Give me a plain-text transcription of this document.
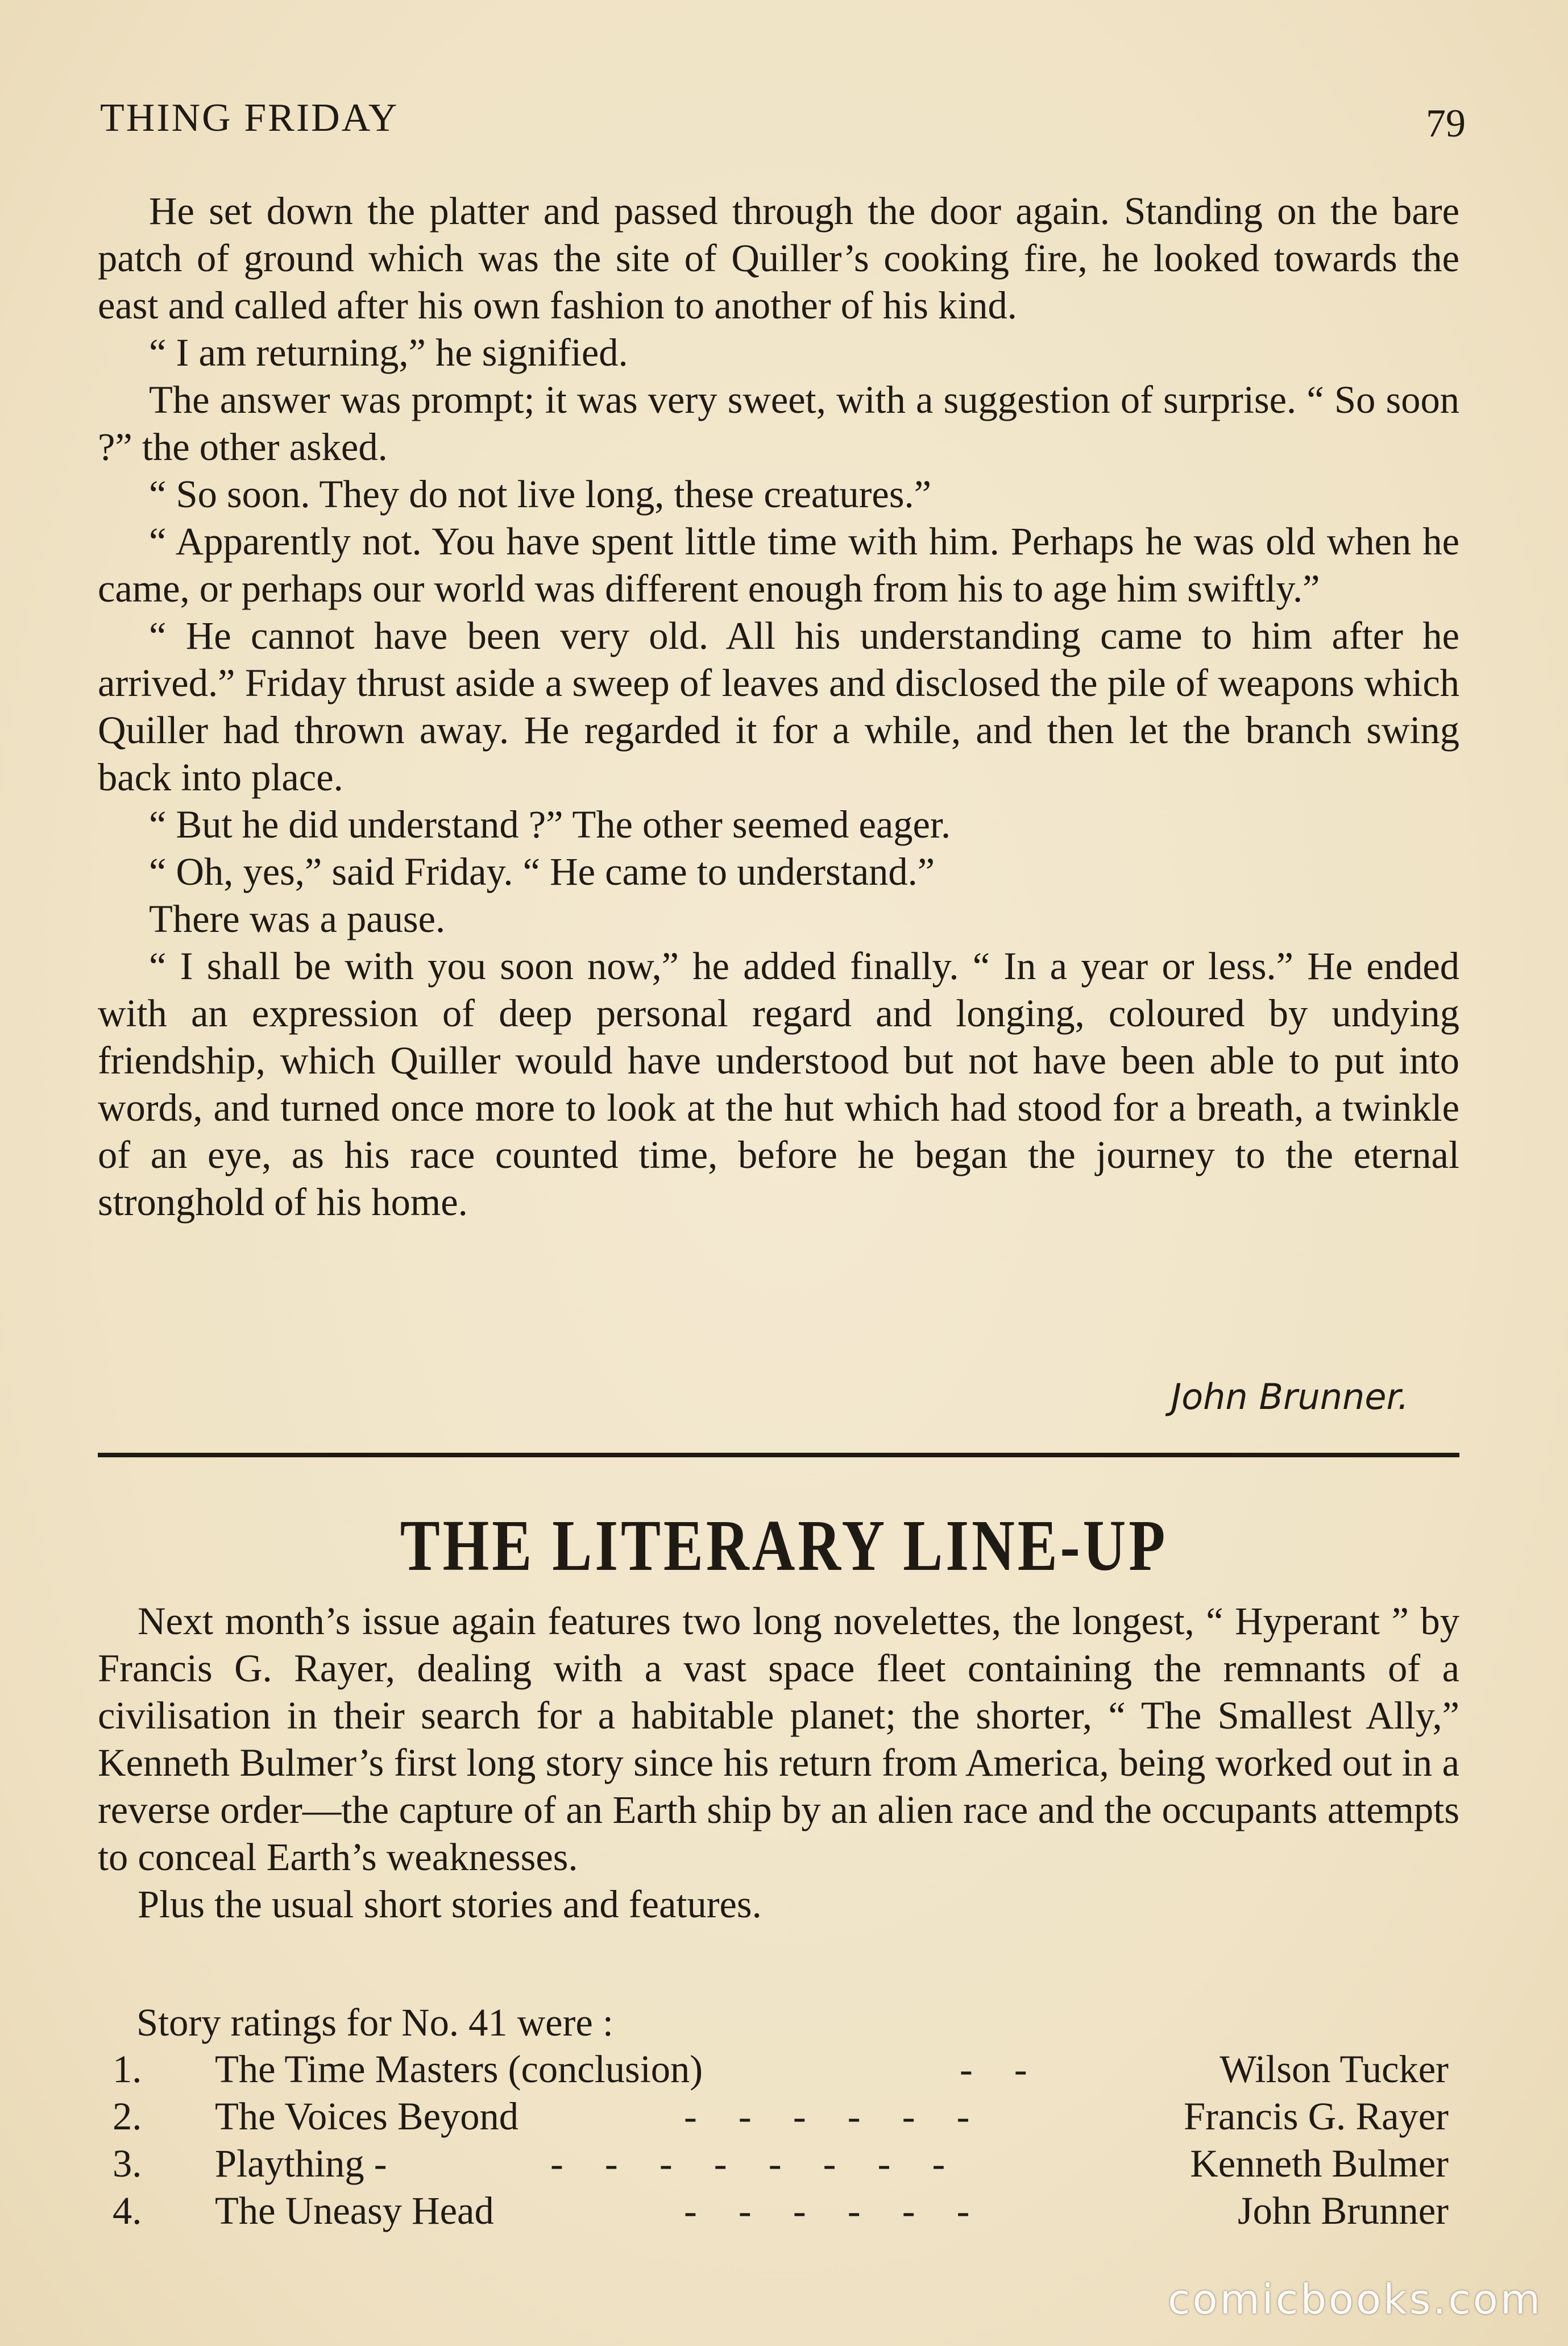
THING FRIDAY	79

He set down the platter and passed through the door again. Standing on the bare patch of ground which was the site of Quiller’s cooking fire, he looked towards the east and called after his own fashion to another of his kind.

“ I am returning,” he signified.

The answer was prompt; it was very sweet, with a suggestion of surprise. “ So soon ?” the other asked.

“ So soon. They do not live long, these creatures.”

“ Apparently not. You have spent little time with him. Perhaps he was old when he came, or perhaps our world was different enough from his to age him swiftly.”

“ He cannot have been very old. All his understanding came to him after he arrived.” Friday thrust aside a sweep of leaves and disclosed the pile of weapons which Quiller had thrown away. He regarded it for a while, and then let the branch swing back into place.

“ But he did understand ?” The other seemed eager.

“ Oh, yes,” said Friday. “ He came to understand.”

There was a pause.

“ I shall be with you soon now,” he added finally. “ In a year or less.” He ended with an expression of deep personal regard and longing, coloured by undying friendship, which Quiller would have understood but not have been able to put into words, and turned once more to look at the hut which had stood for a breath, a twinkle of an eye, as his race counted time, before he began the journey to the eternal stronghold of his home.

John Brunner.
THE LITERARY LINE-UP

Next month’s issue again features two long novelettes, the longest, “ Hyperant ” by Francis G. Rayer, dealing with a vast space fleet containing the remnants of a civilisation in their search for a habitable planet; the shorter, “ The Smallest Ally,” Kenneth Bulmer’s first long story since his return from America, being worked out in a reverse order—the capture of an Earth ship by an alien race and the occupants attempts to conceal Earth’s weaknesses.

Plus the usual short stories and features.

Story ratings for No. 41 were :
1. The Time Masters (conclusion)	- -	Wilson Tucker
2. The Voices Beyond	- - - - - -	Francis G. Rayer
3. Plaything -	- - - - - - - -	Kenneth Bulmer
4. The Uneasy Head	- - - - - -	John Brunner
comicbooks.com
